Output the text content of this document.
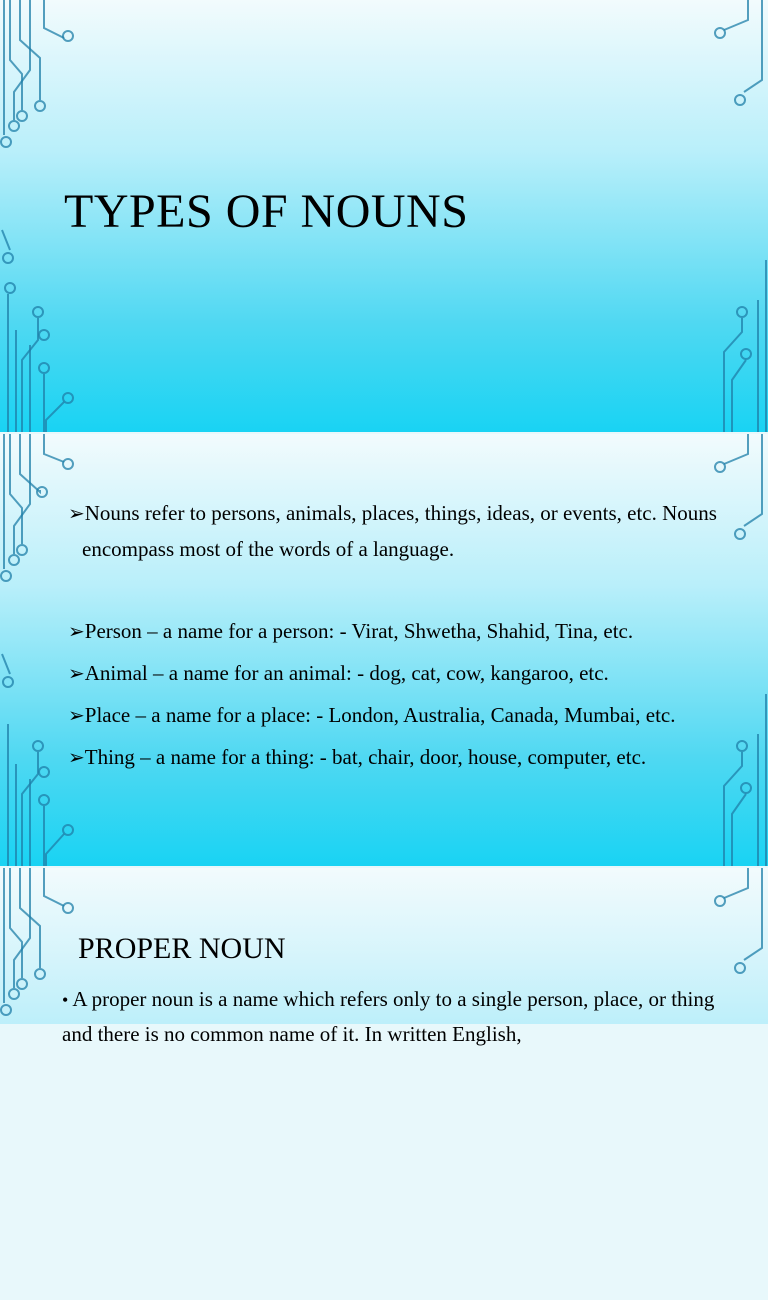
TYPES OF NOUNS
➢Nouns refer to persons, animals, places, things, ideas, or events, etc. Nouns encompass most of the words of a language.
➢Person – a name for a person: - Virat, Shwetha, Shahid, Tina, etc.
➢Animal – a name for an animal: - dog, cat, cow, kangaroo, etc.
➢Place – a name for a place: - London, Australia, Canada, Mumbai, etc.
➢Thing – a name for a thing: - bat, chair, door, house, computer, etc.
PROPER NOUN

• A proper noun is a name which refers only to a single person, place, or thing and there is no common name of it. In written English,
